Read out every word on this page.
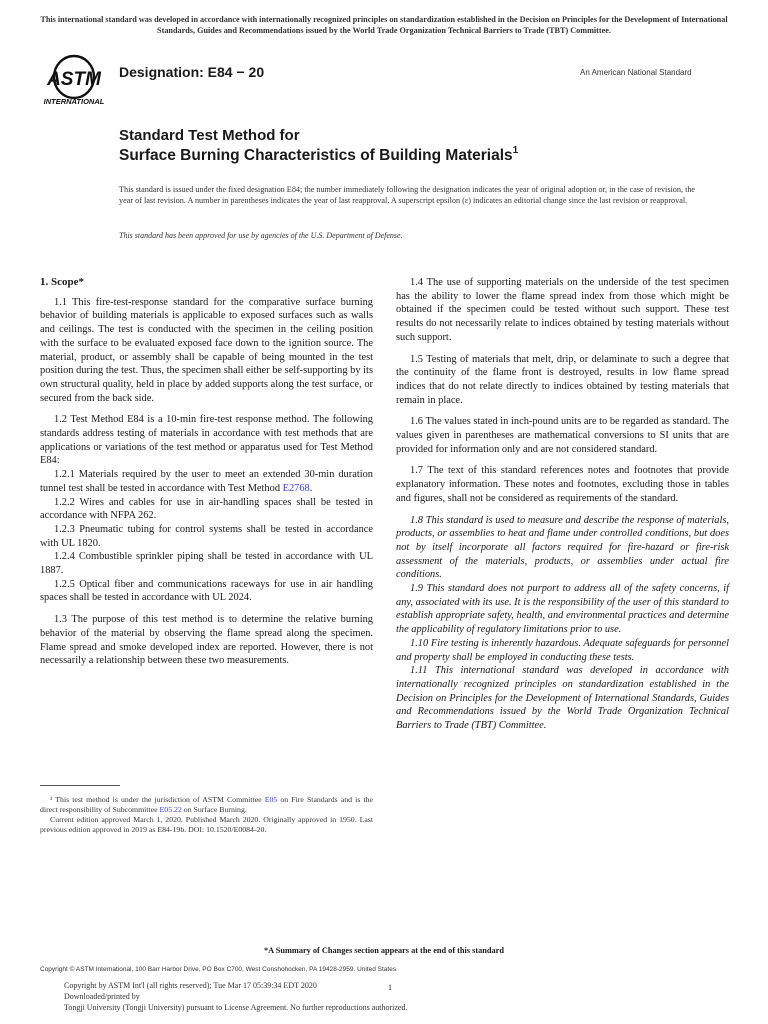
This international standard was developed in accordance with internationally recognized principles on standardization established in the Decision on Principles for the Development of International Standards, Guides and Recommendations issued by the World Trade Organization Technical Barriers to Trade (TBT) Committee.
ASTM
INTERNATIONAL
Designation: E84 − 20	An American National Standard
Standard Test Method for
Surface Burning Characteristics of Building Materials$^1$
This standard is issued under the fixed designation E84; the number immediately following the designation indicates the year of original adoption or, in the case of revision, the year of last revision. A number in parentheses indicates the year of last reapproval. A superscript epsilon (ε) indicates an editorial change since the last revision or reapproval.
This standard has been approved for use by agencies of the U.S. Department of Defense.

1. Scope*

1.1 This fire-test-response standard for the comparative surface burning behavior of building materials is applicable to exposed surfaces such as walls and ceilings. The test is conducted with the specimen in the ceiling position with the surface to be evaluated exposed face down to the ignition source. The material, product, or assembly shall be capable of being mounted in the test position during the test. Thus, the specimen shall either be self-supporting by its own structural quality, held in place by added supports along the test surface, or secured from the back side.

1.2 Test Method E84 is a 10-min fire-test response method. The following standards address testing of materials in accordance with test methods that are applications or variations of the test method or apparatus used for Test Method E84:

1.2.1 Materials required by the user to meet an extended 30-min duration tunnel test shall be tested in accordance with Test Method E2768.

1.2.2 Wires and cables for use in air-handling spaces shall be tested in accordance with NFPA 262.

1.2.3 Pneumatic tubing for control systems shall be tested in accordance with UL 1820.

1.2.4 Combustible sprinkler piping shall be tested in accordance with UL 1887.

1.2.5 Optical fiber and communications raceways for use in air handling spaces shall be tested in accordance with UL 2024.

1.3 The purpose of this test method is to determine the relative burning behavior of the material by observing the flame spread along the specimen. Flame spread and smoke developed index are reported. However, there is not necessarily a relationship between these two measurements.

1.4 The use of supporting materials on the underside of the test specimen has the ability to lower the flame spread index from those which might be obtained if the specimen could be tested without such support. These test results do not necessarily relate to indices obtained by testing materials without such support.

1.5 Testing of materials that melt, drip, or delaminate to such a degree that the continuity of the flame front is destroyed, results in low flame spread indices that do not relate directly to indices obtained by testing materials that remain in place.

1.6 The values stated in inch-pound units are to be regarded as standard. The values given in parentheses are mathematical conversions to SI units that are provided for information only and are not considered standard.

1.7 The text of this standard references notes and footnotes that provide explanatory information. These notes and footnotes, excluding those in tables and figures, shall not be considered as requirements of the standard.

1.8 This standard is used to measure and describe the response of materials, products, or assemblies to heat and flame under controlled conditions, but does not by itself incorporate all factors required for fire-hazard or fire-risk assessment of the materials, products, or assemblies under actual fire conditions.

1.9 This standard does not purport to address all of the safety concerns, if any, associated with its use. It is the responsibility of the user of this standard to establish appropriate safety, health, and environmental practices and determine the applicability of regulatory limitations prior to use.

1.10 Fire testing is inherently hazardous. Adequate safeguards for personnel and property shall be employed in conducting these tests.

1.11 This international standard was developed in accordance with internationally recognized principles on standardization established in the Decision on Principles for the Development of International Standards, Guides and Recommendations issued by the World Trade Organization Technical Barriers to Trade (TBT) Committee.

¹ This test method is under the jurisdiction of ASTM Committee E05 on Fire Standards and is the direct responsibility of Subcommittee E05.22 on Surface Burning.

Current edition approved March 1, 2020. Published March 2020. Originally approved in 1950. Last previous edition approved in 2019 as E84-19b. DOI: 10.1520/E0084-20.

*A Summary of Changes section appears at the end of this standard
Copyright © ASTM International, 100 Barr Harbor Drive, PO Box C700, West Conshohocken, PA 19428-2959. United States
Copyright by ASTM Int'l (all rights reserved); Tue Mar 17 05:39:34 EDT 2020
Downloaded/printed by
Tongji University (Tongji University) pursuant to License Agreement. No further reproductions authorized.
1
